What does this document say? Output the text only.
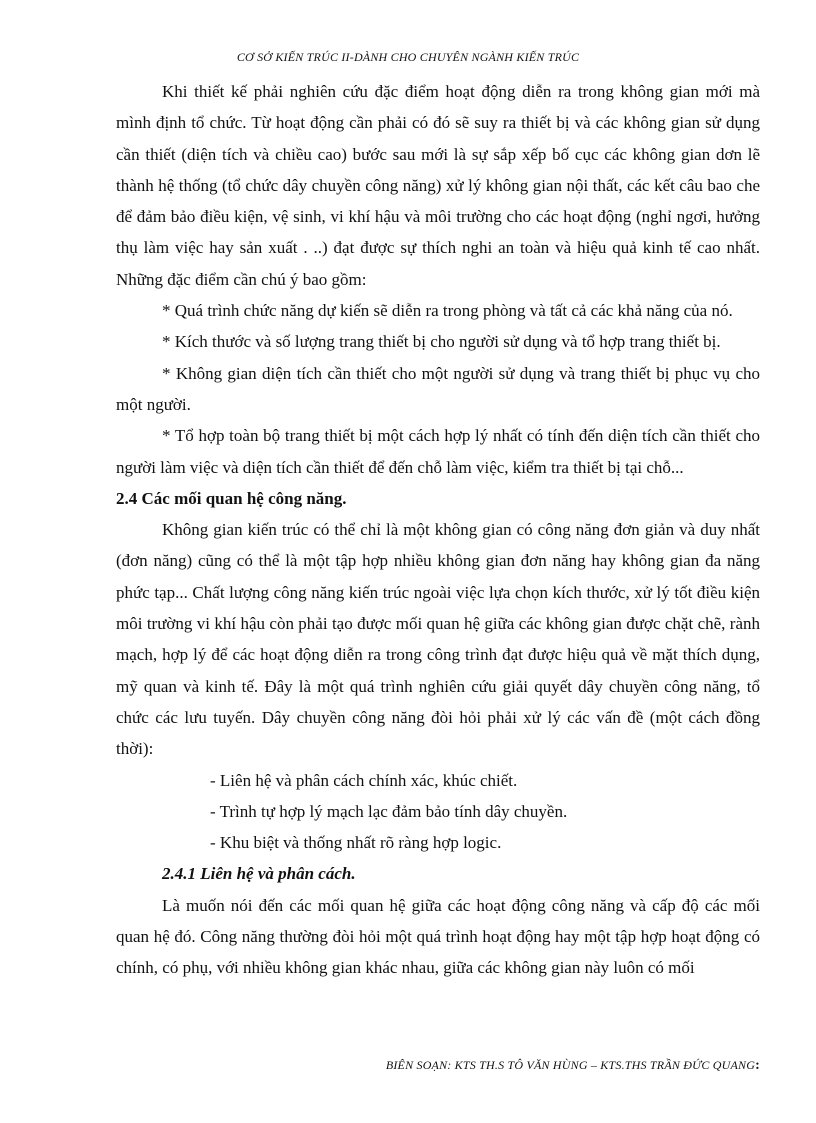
CƠ SỞ KIẾN TRÚC II-DÀNH CHO CHUYÊN NGÀNH KIẾN TRÚC

Khi thiết kế phải nghiên cứu đặc điểm hoạt động diễn ra trong không gian mới mà mình định tổ chức. Từ hoạt động cần phải có đó sẽ suy ra thiết bị và các không gian sử dụng cần thiết (diện tích và chiều cao) bước sau mới là sự sắp xếp bố cục các không gian dơn lẽ thành hệ thống (tổ chức dây chuyền công năng) xử lý không gian nội thất, các kết câu bao che để đảm bảo điều kiện, vệ sinh, vi khí hậu và môi trường cho các hoạt động (nghỉ ngơi, hưởng thụ làm việc hay sản xuất . ..) đạt được sự thích nghi an toàn và hiệu quả kinh tế cao nhất. Những đặc điểm cần chú ý bao gồm:

* Quá trình chức năng dự kiến sẽ diễn ra trong phòng và tất cả các khả năng của nó.

* Kích thước và số lượng trang thiết bị cho người sử dụng và tổ hợp trang thiết bị.

* Không gian diện tích cần thiết cho một người sử dụng và trang thiết bị phục vụ cho một người.

* Tổ hợp toàn bộ trang thiết bị một cách hợp lý nhất có tính đến diện tích cần thiết cho người làm việc và diện tích cần thiết để đến chỗ làm việc, kiểm tra thiết bị tại chỗ...

2.4 Các mối quan hệ công năng.

Không gian kiến trúc có thể chỉ là một không gian có công năng đơn giản và duy nhất (đơn năng) cũng có thể là một tập hợp nhiều không gian đơn năng hay không gian đa năng phức tạp... Chất lượng công năng kiến trúc ngoài việc lựa chọn kích thước, xử lý tốt điều kiện môi trường vi khí hậu còn phải tạo được mối quan hệ giữa các không gian được chặt chẽ, rành mạch, hợp lý để các hoạt động diễn ra trong công trình đạt được hiệu quả về mặt thích dụng, mỹ quan và kinh tế. Đây là một quá trình nghiên cứu giải quyết dây chuyền công năng, tổ chức các lưu tuyến. Dây chuyền công năng đòi hỏi phải xử lý các vấn đề (một cách đồng thời):

- Liên hệ và phân cách chính xác, khúc chiết.

- Trình tự hợp lý mạch lạc đảm bảo tính dây chuyền.

- Khu biệt và thống nhất rõ ràng hợp logic.

2.4.1 Liên hệ và phân cách.

Là muốn nói đến các mối quan hệ giữa các hoạt động công năng và cấp độ các mối quan hệ đó. Công năng thường đòi hỏi một quá trình hoạt động hay một tập hợp hoạt động có chính, có phụ, với nhiều không gian khác nhau, giữa các không gian này luôn có mối

BIÊN SOẠN: KTS TH.S TÔ VĂN HÙNG – KTS.THS TRẦN ĐỨC QUANG:
